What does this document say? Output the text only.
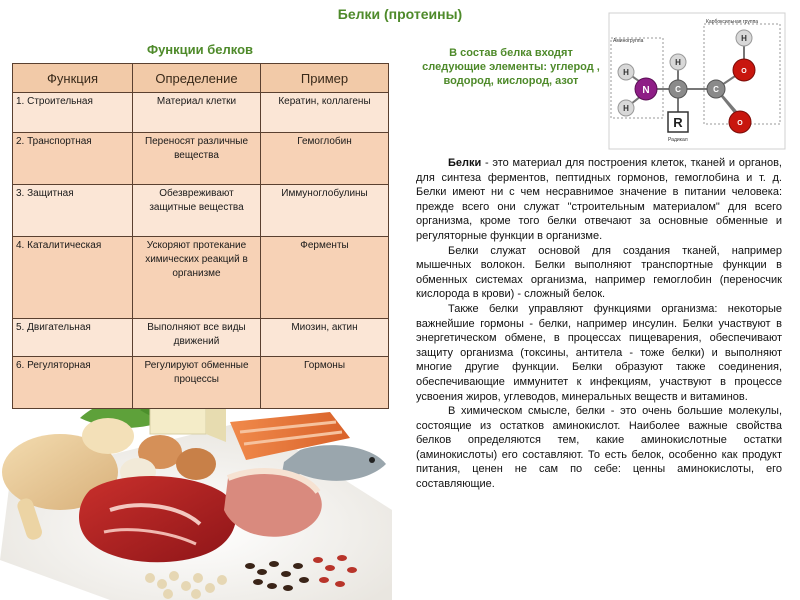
Белки (протеины)
Функции белков
Функция	Определение	Пример
1. Строительная	Материал клетки	Кератин, коллагены
2. Транспортная	Переносят различные вещества	Гемоглобин
3. Защитная	Обезвреживают защитные вещества	Иммуноглобулины
4. Каталитическая	Ускоряют протекание химических реакций в организме	Ферменты
5. Двигательная	Выполняют все виды движений	Миозин, актин
6. Регуляторная	Регулируют обменные процессы	Гормоны
В состав белка входят следующие элементы: углерод , водород, кислород, азот
Аминогруппа
Карбоксильная группа
H
H
N
H
C
R
Радикал
C
O
H
O

Белки - это материал для построения клеток, тканей и органов, для синтеза ферментов, пептидных гормонов, гемоглобина и т. д. Белки имеют ни с чем несравнимое значение в питании человека: прежде всего они служат "строительным материалом" для всего организма, кроме того белки отвечают за основные обменные и регуляторные функции в организме.

Белки служат основой для создания тканей, например мышечных волокон. Белки выполняют транспортные функции в обменных системах организма, например гемоглобин (переносчик кислорода в крови) - сложный белок.

Также белки управляют функциями организма: некоторые важнейшие гормоны - белки, например инсулин. Белки участвуют в энергетическом обмене, в процессах пищеварения, обеспечивают защиту организма (токсины, антитела - тоже белки) и выполняют многие другие функции. Белки образуют также соединения, обеспечивающие иммунитет к инфекциям, участвуют в процессе усвоения жиров, углеводов, минеральных веществ и витаминов.

В химическом смысле, белки - это очень большие молекулы, состоящие из остатков аминокислот. Наиболее важные свойства белков определяются тем, какие аминокислотные остатки (аминокислоты) его составляют. То есть белок, особенно как продукт питания, ценен не сам по себе: ценны аминокислоты, его составляющие.
